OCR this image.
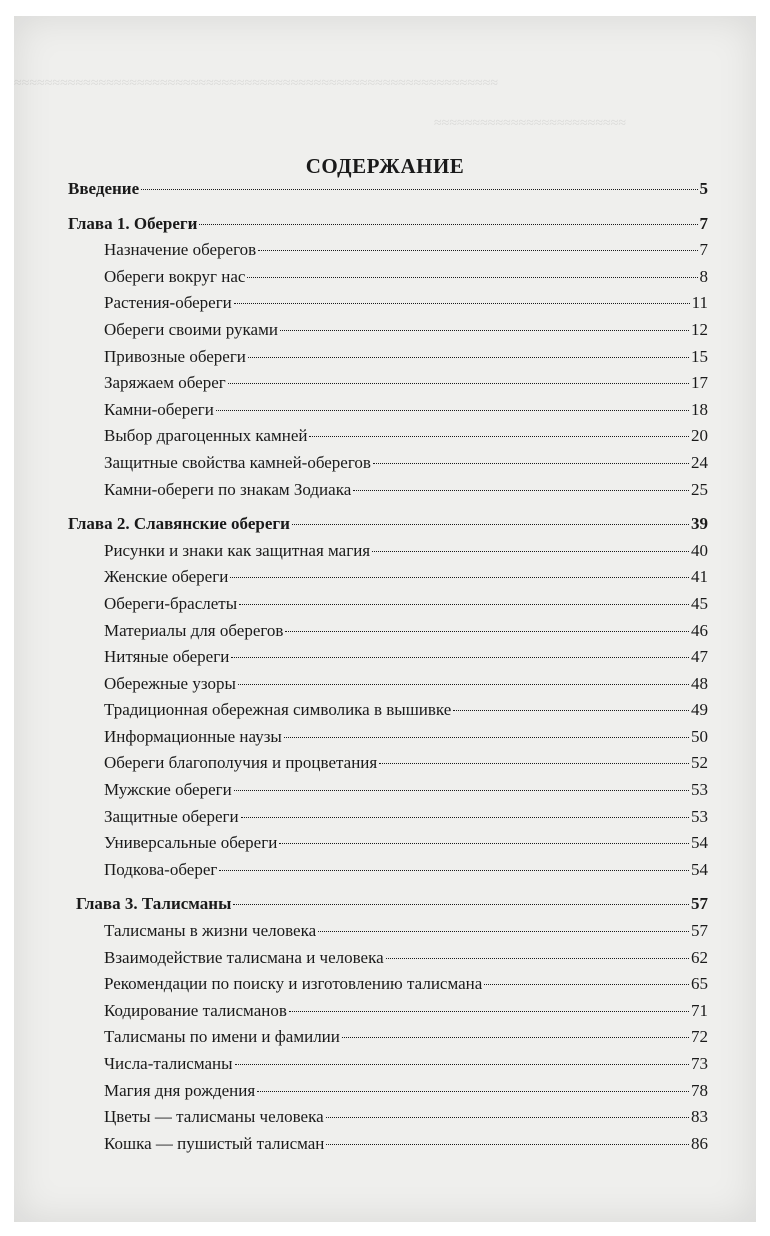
≈≈≈≈≈≈≈≈≈≈≈≈≈≈≈≈≈≈≈≈≈≈≈≈≈≈≈≈≈≈≈≈≈≈≈≈≈≈≈≈≈≈≈≈≈≈≈≈≈≈≈≈≈≈≈≈≈≈≈≈≈≈≈
≈≈≈≈≈≈≈≈≈≈≈≈≈≈≈≈≈≈≈≈≈≈≈≈≈
СОДЕРЖАНИЕ
Введение	5
Глава 1. Обереги	7
Назначение оберегов	7
Обереги вокруг нас	8
Растения-обереги	11
Обереги своими руками	12
Привозные обереги	15
Заряжаем оберег	17
Камни-обереги	18
Выбор драгоценных камней	20
Защитные свойства камней-оберегов	24
Камни-обереги по знакам Зодиака	25
Глава 2. Славянские обереги	39
Рисунки и знаки как защитная магия	40
Женские обереги	41
Обереги-браслеты	45
Материалы для оберегов	46
Нитяные обереги	47
Обережные узоры	48
Традиционная обережная символика в вышивке	49
Информационные наузы	50
Обереги благополучия и процветания	52
Мужские обереги	53
Защитные обереги	53
Универсальные обереги	54
Подкова-оберег	54
Глава 3. Талисманы	57
Талисманы в жизни человека	57
Взаимодействие талисмана и человека	62
Рекомендации по поиску и изготовлению талисмана	65
Кодирование талисманов	71
Талисманы по имени и фамилии	72
Числа-талисманы	73
Магия дня рождения	78
Цветы — талисманы человека	83
Кошка — пушистый талисман	86
